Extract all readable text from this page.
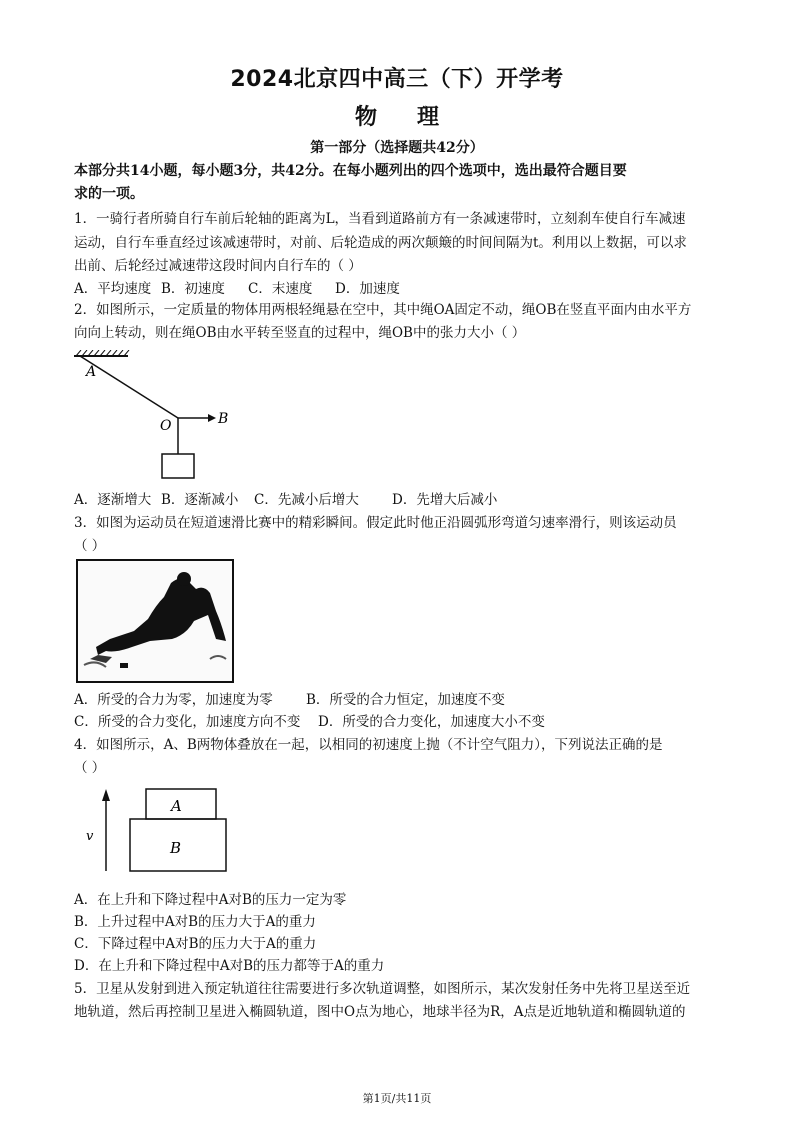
2024北京四中高三（下）开学考
物 理
第一部分（选择题共42分）
本部分共14小题，每小题3分，共42分。在每小题列出的四个选项中，选出最符合题目要
求的一项。
1．一骑行者所骑自行车前后轮轴的距离为L，当看到道路前方有一条减速带时，立刻刹车使自行车减速
运动，自行车垂直经过该减速带时，对前、后轮造成的两次颠簸的时间间隔为t。利用以上数据，可以求
出前、后轮经过减速带这段时间内自行车的（ ）
A．平均速度 B．初速度 C．末速度 D．加速度
2．如图所示，一定质量的物体用两根轻绳悬在空中，其中绳OA固定不动，绳OB在竖直平面内由水平方
向向上转动，则在绳OB由水平转至竖直的过程中，绳OB中的张力大小（ ）
A
O	B
A．逐渐增大 B．逐渐减小 C．先减小后增大 D．先增大后减小
3．如图为运动员在短道速滑比赛中的精彩瞬间。假定此时他正沿圆弧形弯道匀速率滑行，则该运动员
（ ）
A．所受的合力为零，加速度为零 B．所受的合力恒定，加速度不变
C．所受的合力变化，加速度方向不变 D．所受的合力变化，加速度大小不变
4．如图所示，A、B两物体叠放在一起，以相同的初速度上抛（不计空气阻力），下列说法正确的是
（ ）
v
A
B
A．在上升和下降过程中A对B的压力一定为零
B．上升过程中A对B的压力大于A的重力
C．下降过程中A对B的压力大于A的重力
D．在上升和下降过程中A对B的压力都等于A的重力
5．卫星从发射到进入预定轨道往往需要进行多次轨道调整，如图所示，某次发射任务中先将卫星送至近
地轨道，然后再控制卫星进入椭圆轨道，图中O点为地心，地球半径为R，A点是近地轨道和椭圆轨道的
第1页/共11页
